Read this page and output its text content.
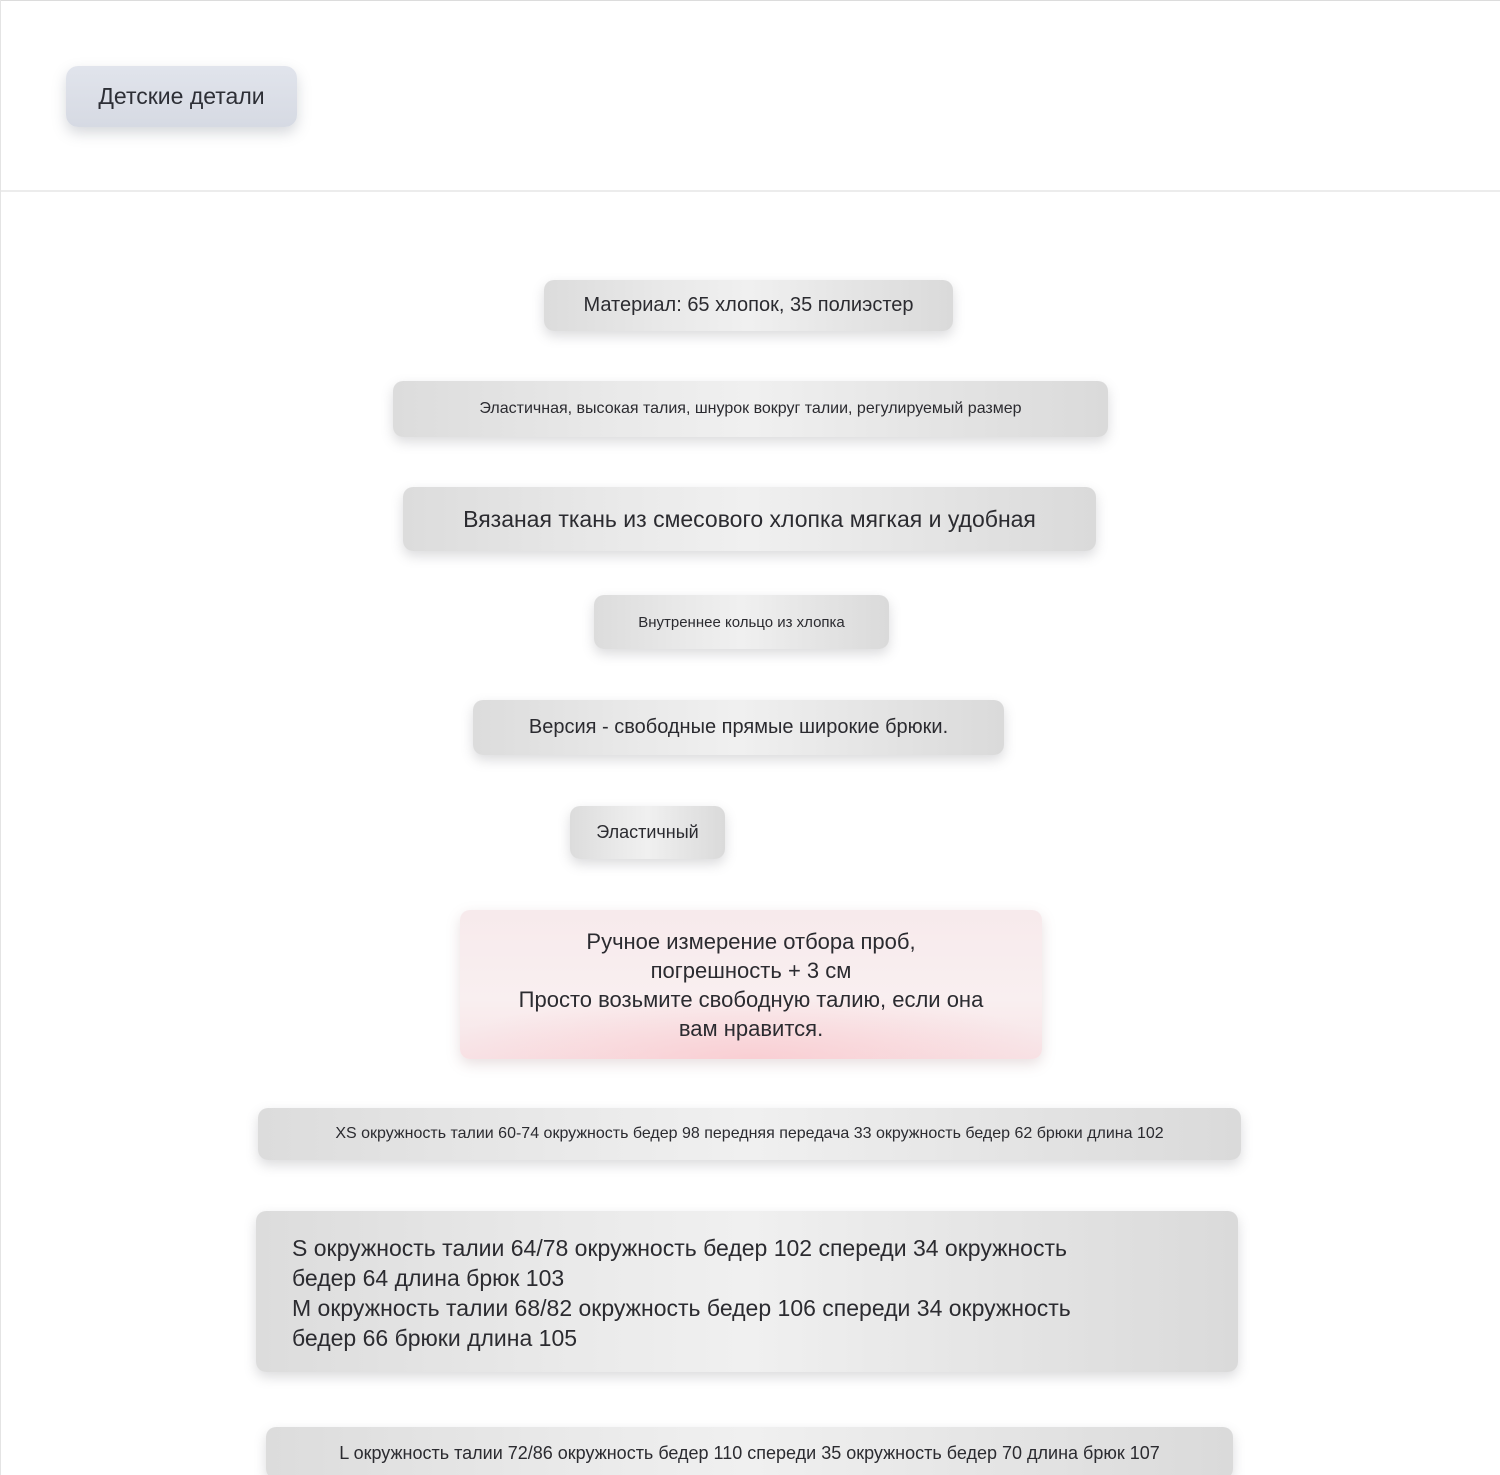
Детские детали
Материал: 65 хлопок, 35 полиэстер
Эластичная, высокая талия, шнурок вокруг талии, регулируемый размер
Вязаная ткань из смесового хлопка мягкая и удобная
Внутреннее кольцо из хлопка
Версия - свободные прямые широкие брюки.
Эластичный
Ручное измерение отбора проб,
погрешность + 3 см
Просто возьмите свободную талию, если она
вам нравится.
XS окружность талии 60-74 окружность бедер 98 передняя передача 33 окружность бедер 62 брюки длина 102
S окружность талии 64/78 окружность бедер 102 спереди 34 окружность
бедер 64 длина брюк 103
M окружность талии 68/82 окружность бедер 106 спереди 34 окружность
бедер 66 брюки длина 105
L окружность талии 72/86 окружность бедер 110 спереди 35 окружность бедер 70 длина брюк 107
